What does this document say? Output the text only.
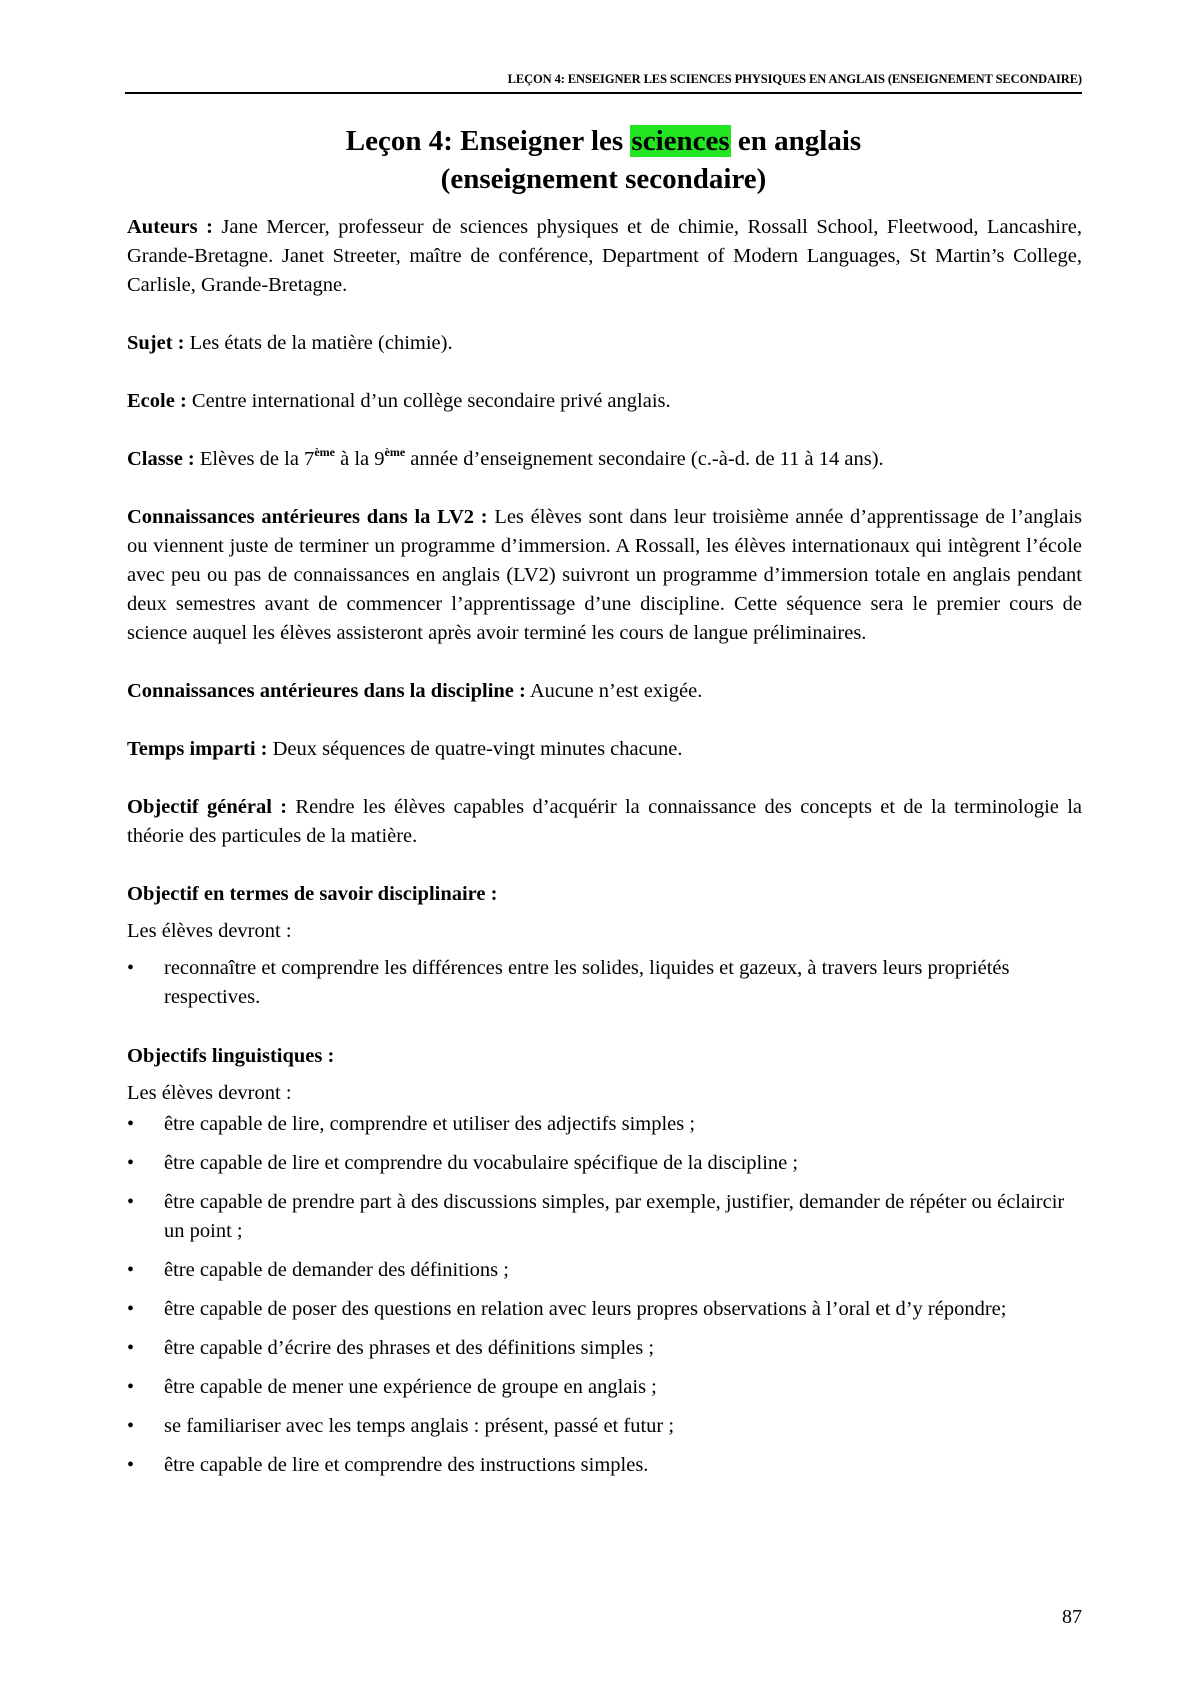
LEÇON 4: ENSEIGNER LES SCIENCES PHYSIQUES EN ANGLAIS (ENSEIGNEMENT SECONDAIRE)
Leçon 4: Enseigner les sciences en anglais
(enseignement secondaire)

Auteurs : Jane Mercer, professeur de sciences physiques et de chimie, Rossall School, Fleetwood, Lancashire, Grande-Bretagne. Janet Streeter, maître de conférence, Department of Modern Languages, St Martin’s College, Carlisle, Grande-Bretagne.

Sujet : Les états de la matière (chimie).

Ecole : Centre international d’un collège secondaire privé anglais.

Classe : Elèves de la 7ème à la 9ème année d’enseignement secondaire (c.-à-d. de 11 à 14 ans).

Connaissances antérieures dans la LV2 : Les élèves sont dans leur troisième année d’apprentissage de l’anglais ou viennent juste de terminer un programme d’immersion. A Rossall, les élèves internationaux qui intègrent l’école avec peu ou pas de connaissances en anglais (LV2) suivront un programme d’immersion totale en anglais pendant deux semestres avant de commencer l’apprentissage d’une discipline. Cette séquence sera le premier cours de science auquel les élèves assisteront après avoir terminé les cours de langue préliminaires.

Connaissances antérieures dans la discipline : Aucune n’est exigée.

Temps imparti : Deux séquences de quatre-vingt minutes chacune.

Objectif général : Rendre les élèves capables d’acquérir la connaissance des concepts et de la terminologie la théorie des particules de la matière.

Objectif en termes de savoir disciplinaire :
Les élèves devront :
• reconnaître et comprendre les différences entre les solides, liquides et gazeux, à travers leurs propriétés respectives.
Objectifs linguistiques :
Les élèves devront :
• être capable de lire, comprendre et utiliser des adjectifs simples ;
• être capable de lire et comprendre du vocabulaire spécifique de la discipline ;
• être capable de prendre part à des discussions simples, par exemple, justifier, demander de répéter ou éclaircir un point ;
• être capable de demander des définitions ;
• être capable de poser des questions en relation avec leurs propres observations à l’oral et d’y répondre;
• être capable d’écrire des phrases et des définitions simples ;
• être capable de mener une expérience de groupe en anglais ;
• se familiariser avec les temps anglais : présent, passé et futur ;
• être capable de lire et comprendre des instructions simples.
87
